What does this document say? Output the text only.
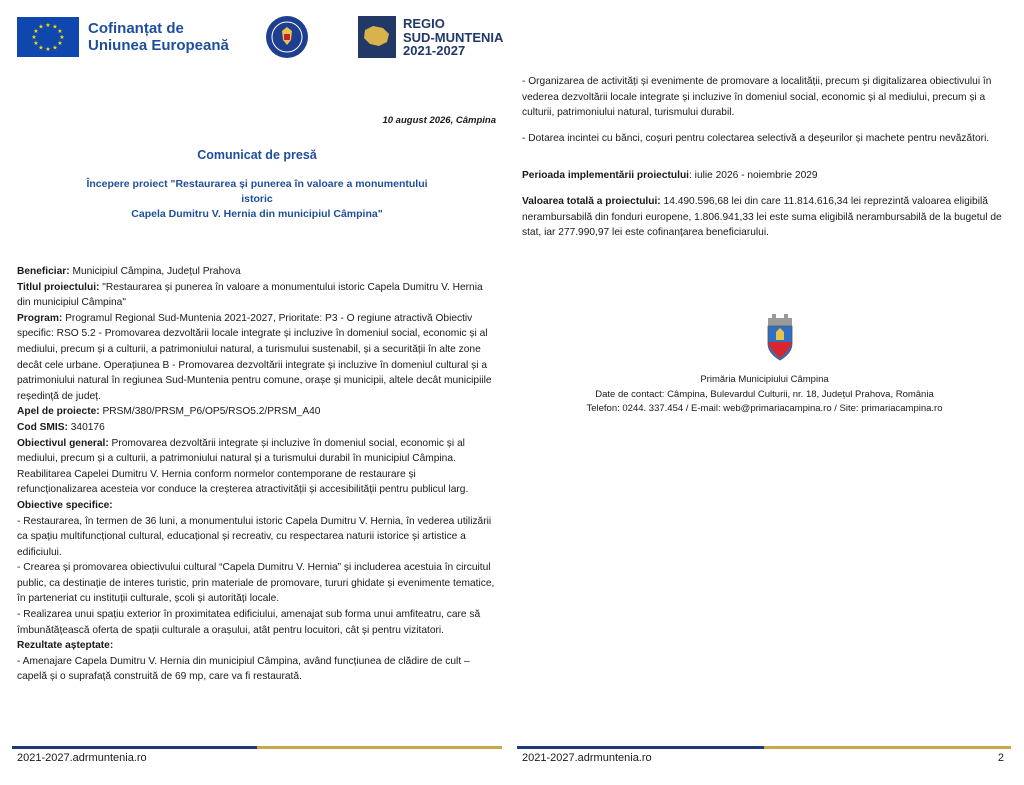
★ ★
★
★
★
★
★
★
★
★
★
★	Cofinanțat de
Uniunea Europeană
REGIO
SUD-MUNTENIA
2021-2027
10 august 2026, Câmpina
Comunicat de presă
Începere proiect "Restaurarea și punerea în valoare a monumentului istoric
Capela Dumitru V. Hernia din municipiul Câmpina"

Beneficiar: Municipiul Câmpina, Județul Prahova

Titlul proiectului: "Restaurarea și punerea în valoare a monumentului istoric Capela Dumitru V. Hernia din municipiul Câmpina"

Program: Programul Regional Sud-Muntenia 2021-2027, Prioritate: P3 - O regiune atractivă Obiectiv specific: RSO 5.2 - Promovarea dezvoltării locale integrate și incluzive în domeniul social, economic și al mediului, precum și a culturii, a patrimoniului natural, a turismului sustenabil, și a securității în alte zone decât cele urbane. Operațiunea B - Promovarea dezvoltării integrate și incluzive în domeniul cultural și a patrimoniului natural în regiunea Sud-Muntenia pentru comune, orașe și municipii, altele decât municipiile reședință de județ.

Apel de proiecte: PRSM/380/PRSM_P6/OP5/RSO5.2/PRSM_A40

Cod SMIS: 340176

Obiectivul general: Promovarea dezvoltării integrate și incluzive în domeniul social, economic și al mediului, precum și a culturii, a patrimoniului natural și a turismului durabil în municipiul Câmpina. Reabilitarea Capelei Dumitru V. Hernia conform normelor contemporane de restaurare și refuncționalizarea acesteia vor conduce la creșterea atractivității și accesibilității pentru publicul larg.

Obiective specifice:

- Restaurarea, în termen de 36 luni, a monumentului istoric Capela Dumitru V. Hernia, în vederea utilizării ca spațiu multifuncțional cultural, educațional și recreativ, cu respectarea naturii istorice și artistice a edificiului.

- Crearea și promovarea obiectivului cultural “Capela Dumitru V. Hernia” și includerea acestuia în circuitul public, ca destinație de interes turistic, prin materiale de promovare, tururi ghidate și evenimente tematice, în parteneriat cu instituții culturale, școli și autorități locale.

- Realizarea unui spațiu exterior în proximitatea edificiului, amenajat sub forma unui amfiteatru, care să îmbunătățească oferta de spații culturale a orașului, atât pentru locuitori, cât și pentru vizitatori.

Rezultate așteptate:

- Amenajare Capela Dumitru V. Hernia din municipiul Câmpina, având funcțiunea de clădire de cult – capelă și o suprafață construită de 69 mp, care va fi restaurată.

- Organizarea de activități și evenimente de promovare a localității, precum și digitalizarea obiectivului în vederea dezvoltării locale integrate și incluzive în domeniul social, economic și al mediului, precum și a culturii, patrimoniului natural, turismului durabil.

- Dotarea incintei cu bănci, coșuri pentru colectarea selectivă a deșeurilor și machete pentru nevăzători.

Perioada implementării proiectului: iulie 2026 - noiembrie 2029

Valoarea totală a proiectului: 14.490.596,68 lei din care 11.814.616,34 lei reprezintă valoarea eligibilă nerambursabilă din fonduri europene, 1.806.941,33 lei este suma eligibilă nerambursabilă de la bugetul de stat, iar 277.990,97 lei este cofinanțarea beneficiarului.

Primăria Municipiului Câmpina
Date de contact: Câmpina, Bulevardul Culturii, nr. 18, Județul Prahova, România
Telefon: 0244. 337.454 / E-mail: web@primariacampina.ro / Site: primariacampina.ro
2021-2027.adrmuntenia.ro	2021-2027.adrmuntenia.ro	2
